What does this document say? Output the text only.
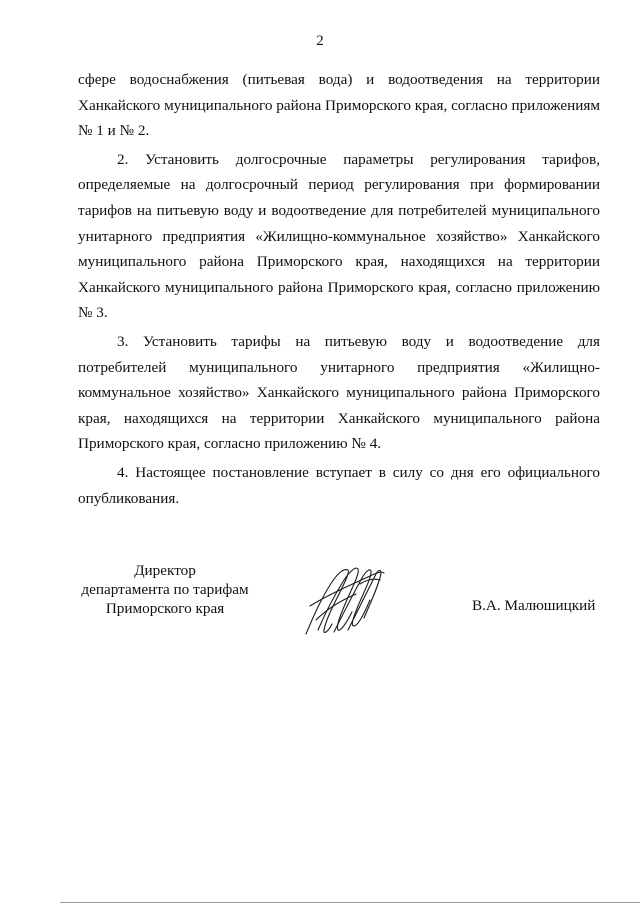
2

сфере водоснабжения (питьевая вода) и водоотведения на территории Ханкайского муниципального района Приморского края, согласно приложениям № 1 и № 2.

2. Установить долгосрочные параметры регулирования тарифов, определяемые на долгосрочный период регулирования при формировании тарифов на питьевую воду и водоотведение для потребителей муниципального унитарного предприятия «Жилищно-коммунальное хозяйство» Ханкайского муниципального района Приморского края, находящихся на территории Ханкайского муниципального района Приморского края, согласно приложению № 3.

3. Установить тарифы на питьевую воду и водоотведение для потребителей муниципального унитарного предприятия «Жилищно-коммунальное хозяйство» Ханкайского муниципального района Приморского края, находящихся на территории Ханкайского муниципального района Приморского края, согласно приложению № 4.

4. Настоящее постановление вступает в силу со дня его официального опубликования.

Директор
департамента по тарифам
Приморского края	В.А. Малюшицкий
